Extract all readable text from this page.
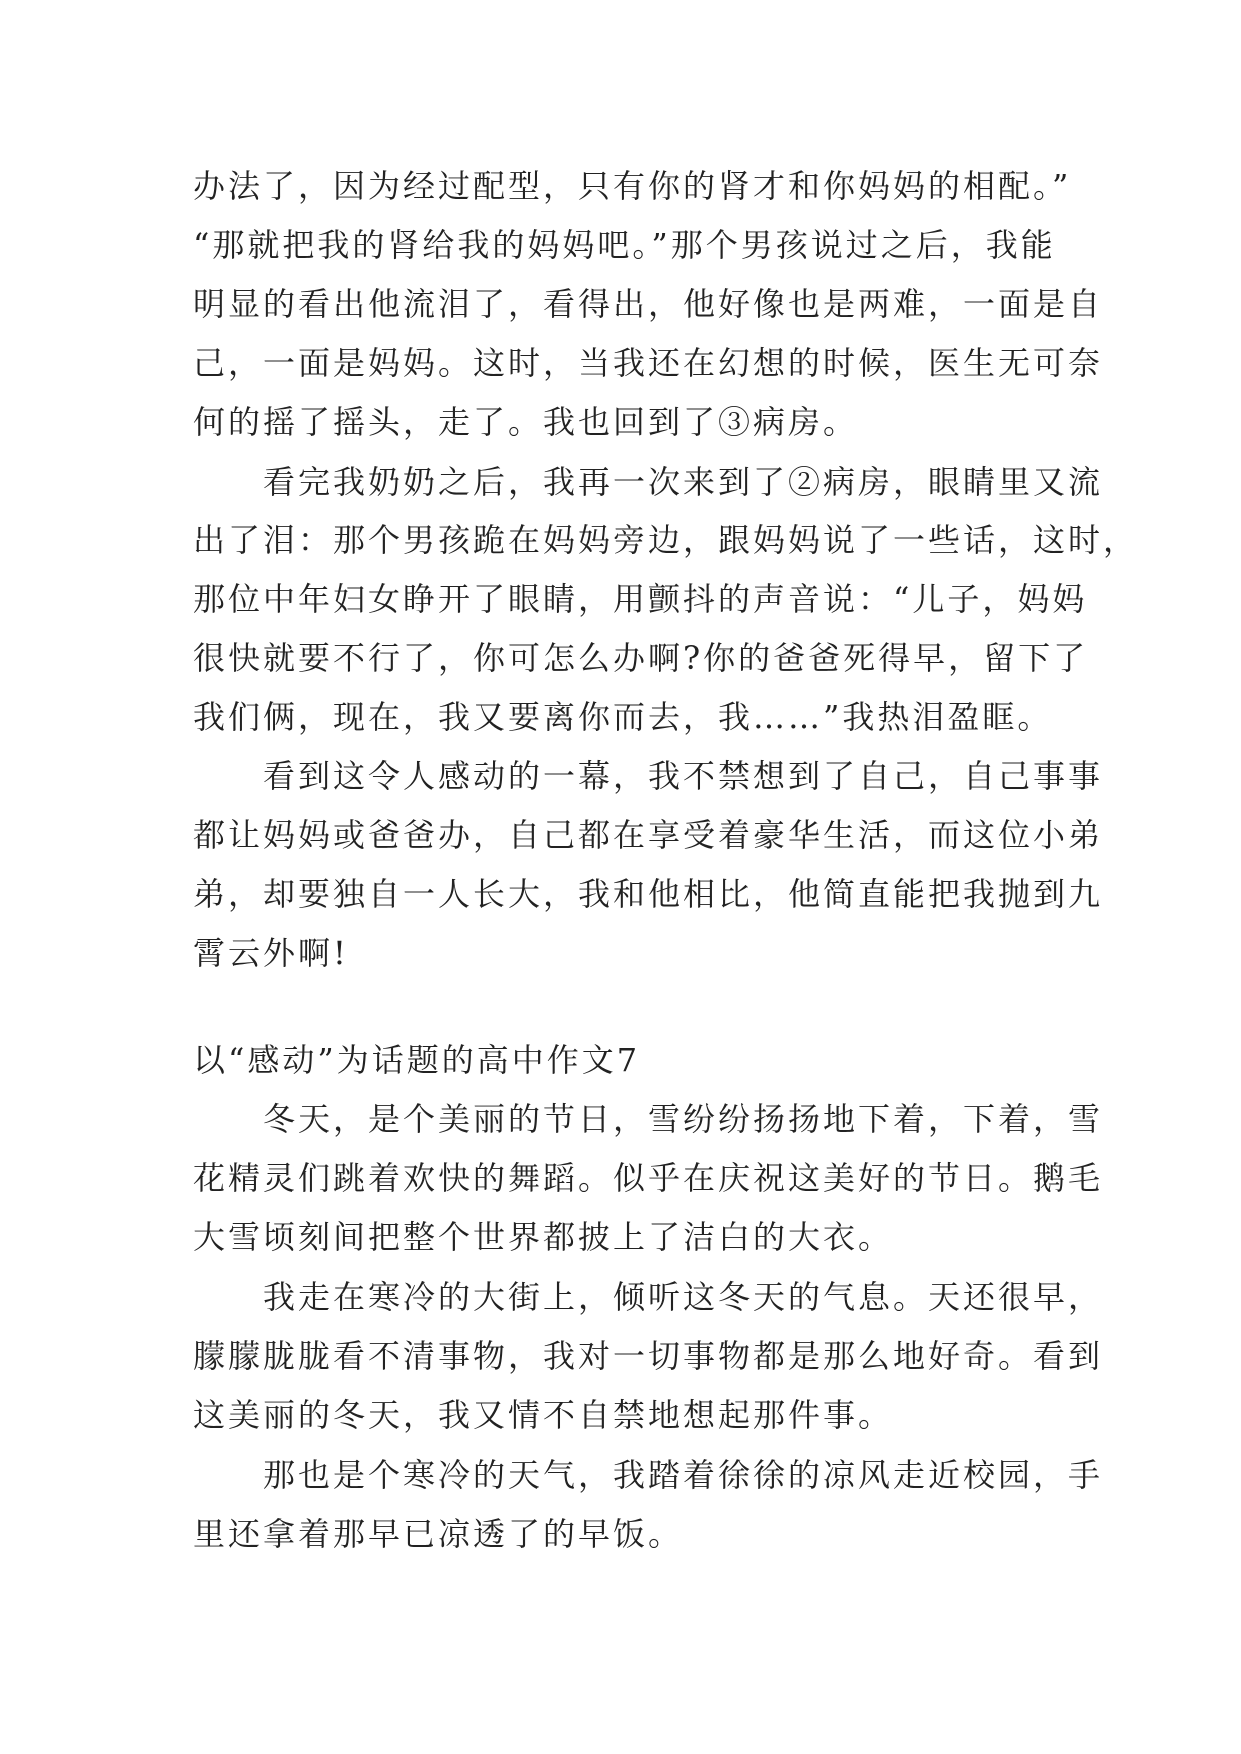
办法了，因为经过配型，只有你的肾才和你妈妈的相配。”
“那就把我的肾给我的妈妈吧。”那个男孩说过之后，我能
明显的看出他流泪了，看得出，他好像也是两难，一面是自
己，一面是妈妈。这时，当我还在幻想的时候，医生无可奈
何的摇了摇头，走了。我也回到了③病房。
　　看完我奶奶之后，我再一次来到了②病房，眼睛里又流
出了泪：那个男孩跪在妈妈旁边，跟妈妈说了一些话，这时，
那位中年妇女睁开了眼睛，用颤抖的声音说：“儿子，妈妈
很快就要不行了，你可怎么办啊?你的爸爸死得早，留下了
我们俩，现在，我又要离你而去，我……”我热泪盈眶。
　　看到这令人感动的一幕，我不禁想到了自己，自己事事
都让妈妈或爸爸办，自己都在享受着豪华生活，而这位小弟
弟，却要独自一人长大，我和他相比，他简直能把我抛到九
霄云外啊!
以“感动”为话题的高中作文7
　　冬天，是个美丽的节日，雪纷纷扬扬地下着，下着，雪
花精灵们跳着欢快的舞蹈。似乎在庆祝这美好的节日。鹅毛
大雪顷刻间把整个世界都披上了洁白的大衣。
　　我走在寒冷的大街上，倾听这冬天的气息。天还很早，
朦朦胧胧看不清事物，我对一切事物都是那么地好奇。看到
这美丽的冬天，我又情不自禁地想起那件事。
　　那也是个寒冷的天气，我踏着徐徐的凉风走近校园，手
里还拿着那早已凉透了的早饭。
